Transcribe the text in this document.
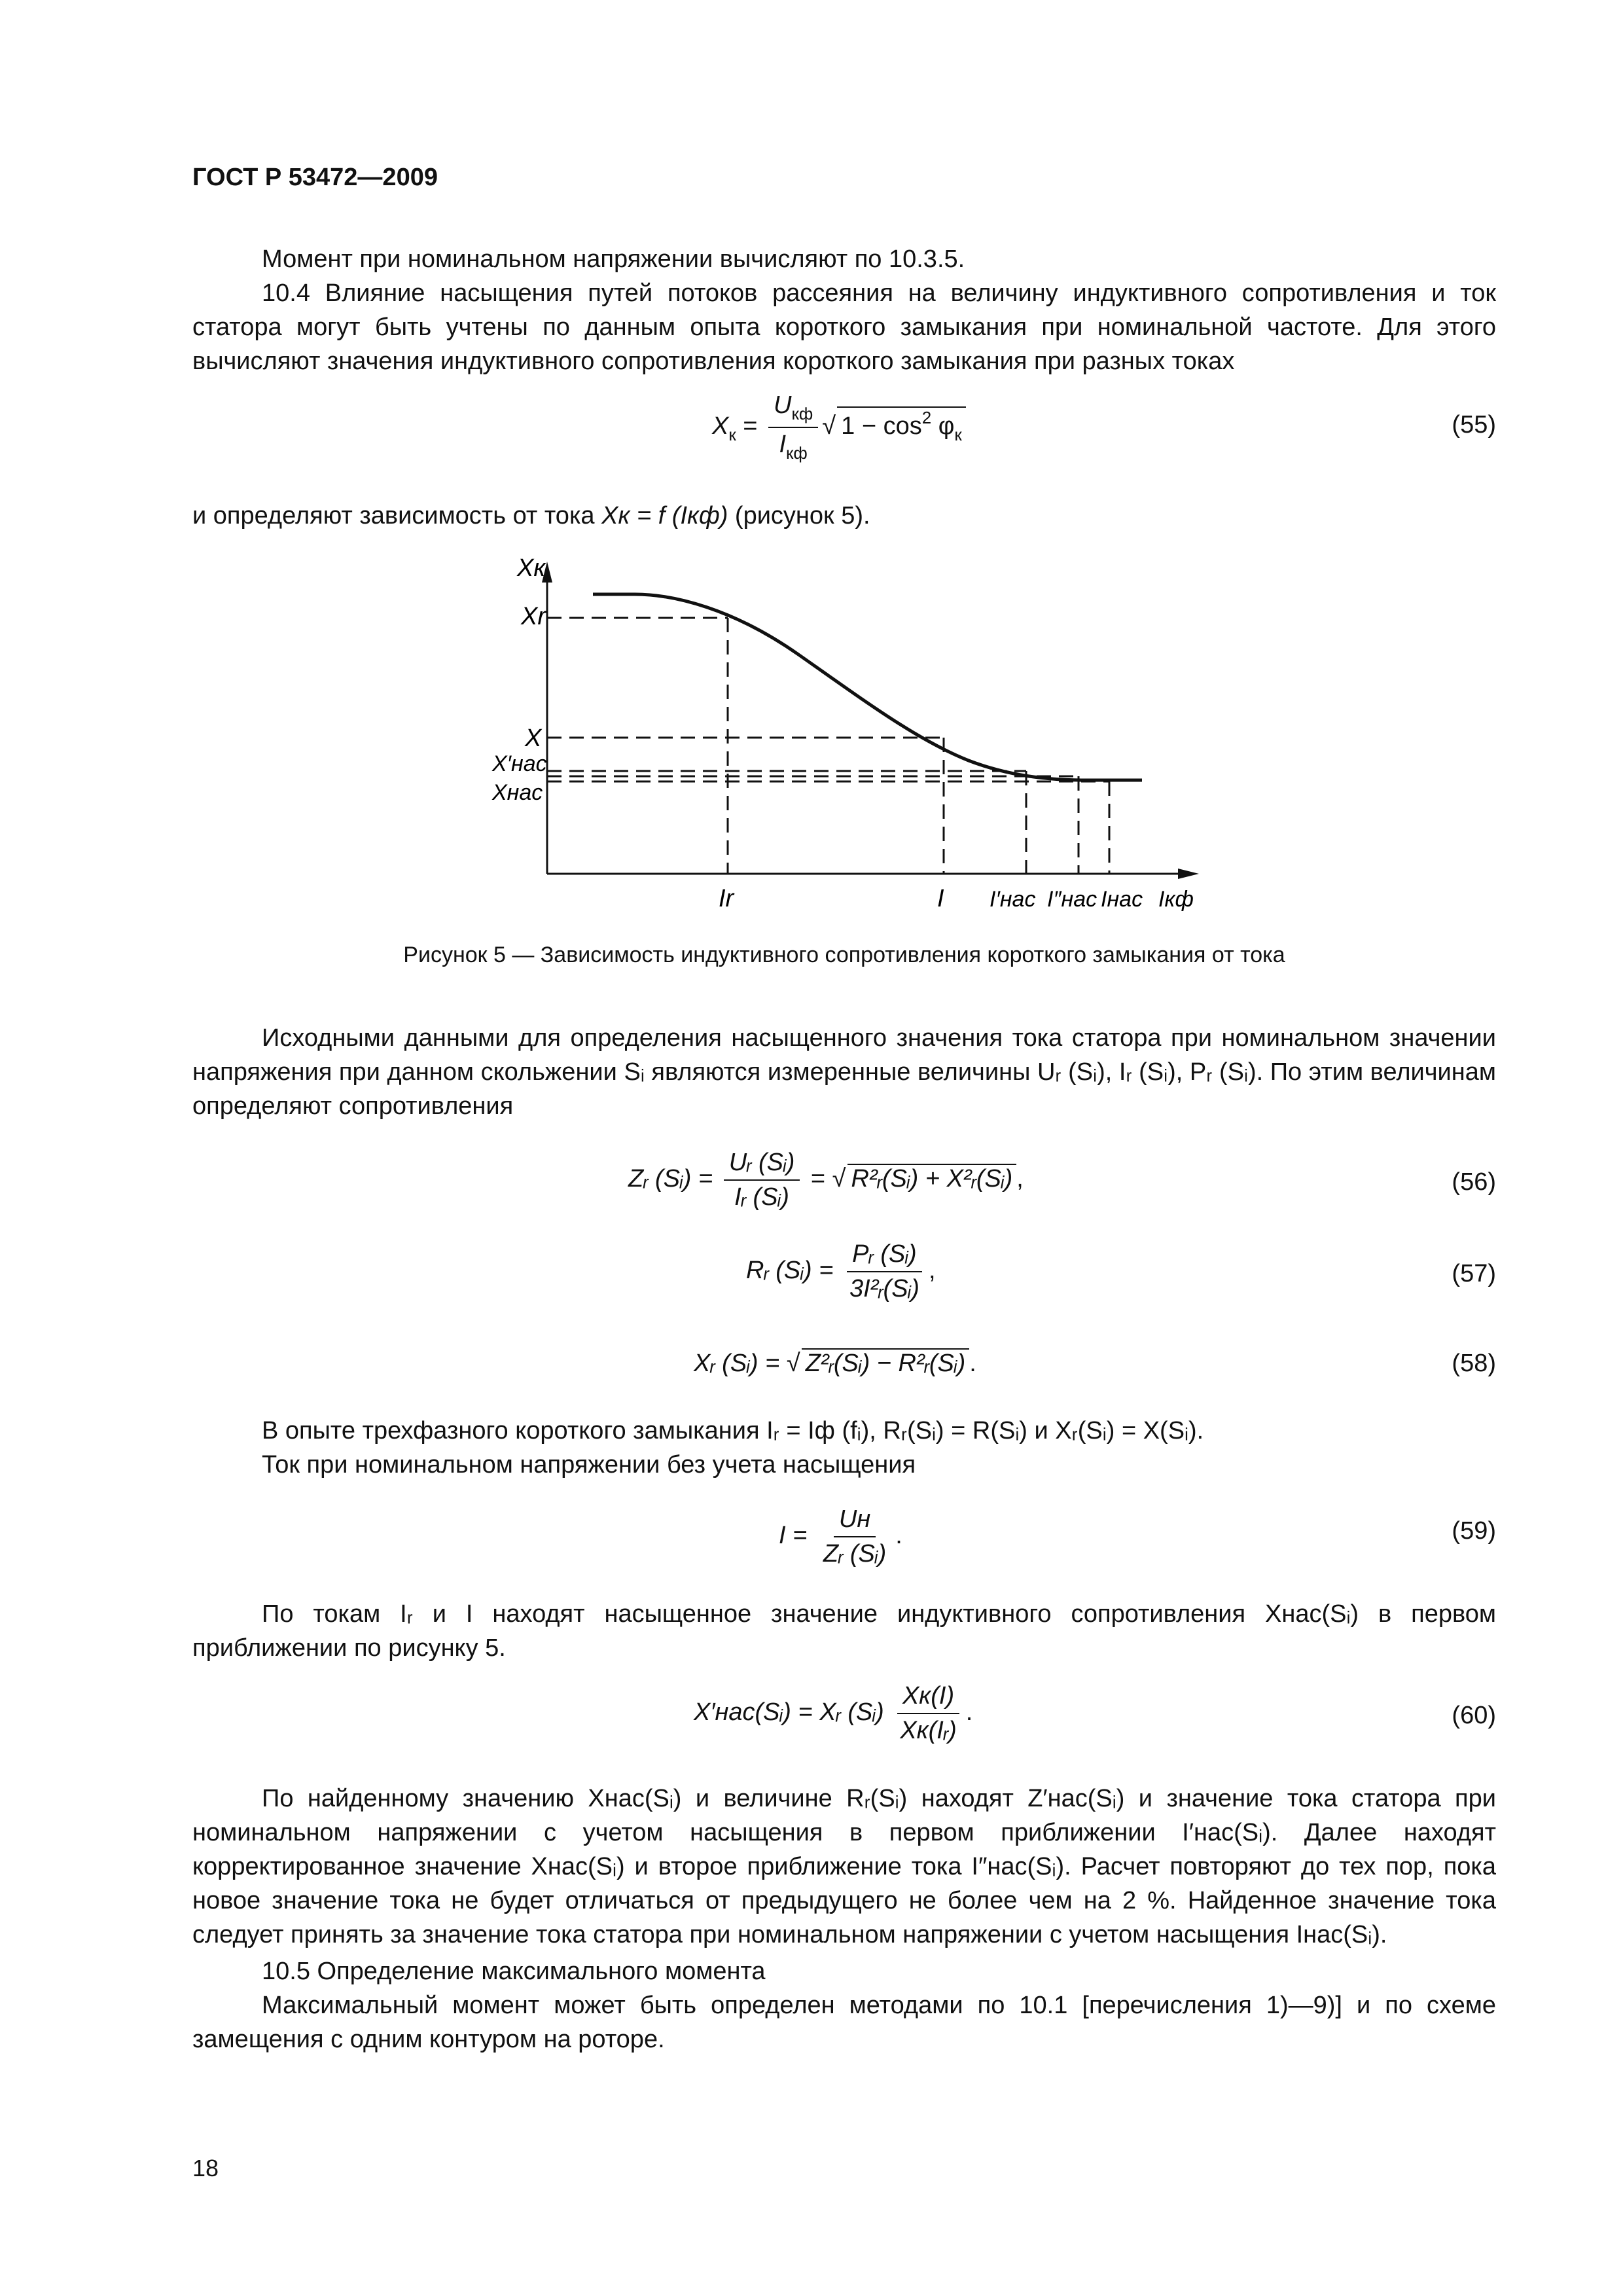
ГОСТ Р 53472—2009
Момент при номинальном напряжении вычисляют по 10.3.5.
10.4 Влияние насыщения путей потоков рассеяния на величину индуктивного сопротивления и ток статора могут быть учтены по данным опыта короткого замыкания при номинальной частоте. Для этого вычисляют значения индуктивного сопротивления короткого замыкания при разных токах
$X_к = \frac{U_{кф}}{I_{кф}}$ √ $1 - \cos^2 \varphi_к$	(55)
и определяют зависимость от тока Xк = f (Iкф) (рисунок 5).
Xк
Xr
X
X′нас
Xнас
Ir	I I′нас I″нас Iнас Iкф
Рисунок 5 — Зависимость индуктивного сопротивления короткого замыкания от тока
Исходными данными для определения насыщенного значения тока статора при номинальном значении напряжения при данном скольжении Sᵢ являются измеренные величины Uᵣ (Sᵢ), Iᵣ (Sᵢ), Pᵣ (Sᵢ). По этим величинам определяют сопротивления
Zᵣ (Sᵢ) = $\frac{\text{Uᵣ (Sᵢ)}}{\text{Iᵣ (Sᵢ)}}$ = √ R²ᵣ(Sᵢ) + X²ᵣ(Sᵢ) ,	(56)
Rᵣ (Sᵢ) = $\frac{\text{Pᵣ (Sᵢ)}}{\text{3I²ᵣ(Sᵢ)}}$ ,	(57)
Xᵣ (Sᵢ) = √ Z²ᵣ(Sᵢ) − R²ᵣ(Sᵢ) .	(58)
В опыте трехфазного короткого замыкания Iᵣ = Iф (fᵢ), Rᵣ(Sᵢ) = R(Sᵢ) и Xᵣ(Sᵢ) = X(Sᵢ).
Ток при номинальном напряжении без учета насыщения
$I = \frac{Uн}{\text{Zᵣ (Sᵢ)}}$ .	(59)
По токам Iᵣ и I находят насыщенное значение индуктивного сопротивления Xнас(Sᵢ) в первом приближении по рисунку 5.
X′нас(Sᵢ) = Xᵣ (Sᵢ) $\frac{Xк(I)}{\text{Xк(Iᵣ)}}$ .	(60)
По найденному значению Xнас(Sᵢ) и величине Rᵣ(Sᵢ) находят Z′нас(Sᵢ) и значение тока статора при номинальном напряжении с учетом насыщения в первом приближении I′нас(Sᵢ). Далее находят корректированное значение Xнас(Sᵢ) и второе приближение тока I″нас(Sᵢ). Расчет повторяют до тех пор, пока новое значение тока не будет отличаться от предыдущего не более чем на 2 %. Найденное значение тока следует принять за значение тока статора при номинальном напряжении с учетом насыщения Iнас(Sᵢ).
10.5 Определение максимального момента
Максимальный момент может быть определен методами по 10.1 [перечисления 1)—9)] и по схеме замещения с одним контуром на роторе.
18
